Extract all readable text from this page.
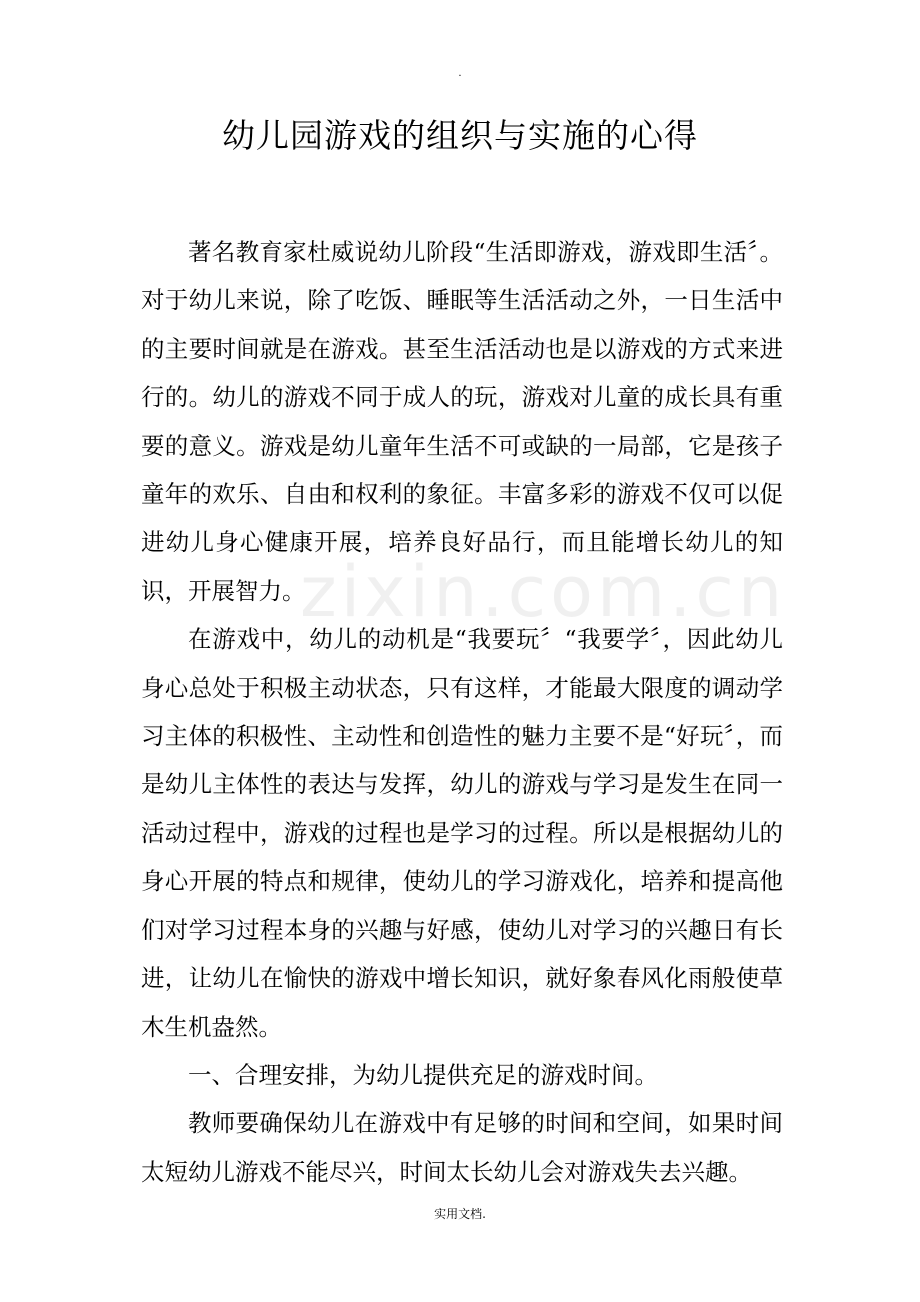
.
幼儿园游戏的组织与实施的心得
zixin.com.cn

著名教育家杜威说幼儿阶段“生活即游戏，游戏即生活〞。对于幼儿来说，除了吃饭、睡眠等生活活动之外，一日生活中的主要时间就是在游戏。甚至生活活动也是以游戏的方式来进行的。幼儿的游戏不同于成人的玩，游戏对儿童的成长具有重要的意义。游戏是幼儿童年生活不可或缺的一局部，它是孩子童年的欢乐、自由和权利的象征。丰富多彩的游戏不仅可以促进幼儿身心健康开展，培养良好品行，而且能增长幼儿的知识，开展智力。

在游戏中，幼儿的动机是“我要玩〞“我要学〞，因此幼儿身心总处于积极主动状态，只有这样，才能最大限度的调动学习主体的积极性、主动性和创造性的魅力主要不是“好玩〞，而是幼儿主体性的表达与发挥，幼儿的游戏与学习是发生在同一活动过程中，游戏的过程也是学习的过程。所以是根据幼儿的身心开展的特点和规律，使幼儿的学习游戏化，培养和提高他们对学习过程本身的兴趣与好感，使幼儿对学习的兴趣日有长进，让幼儿在愉快的游戏中增长知识，就好象春风化雨般使草木生机盎然。

一、合理安排，为幼儿提供充足的游戏时间。

教师要确保幼儿在游戏中有足够的时间和空间，如果时间太短幼儿游戏不能尽兴，时间太长幼儿会对游戏失去兴趣。

实用文档.
